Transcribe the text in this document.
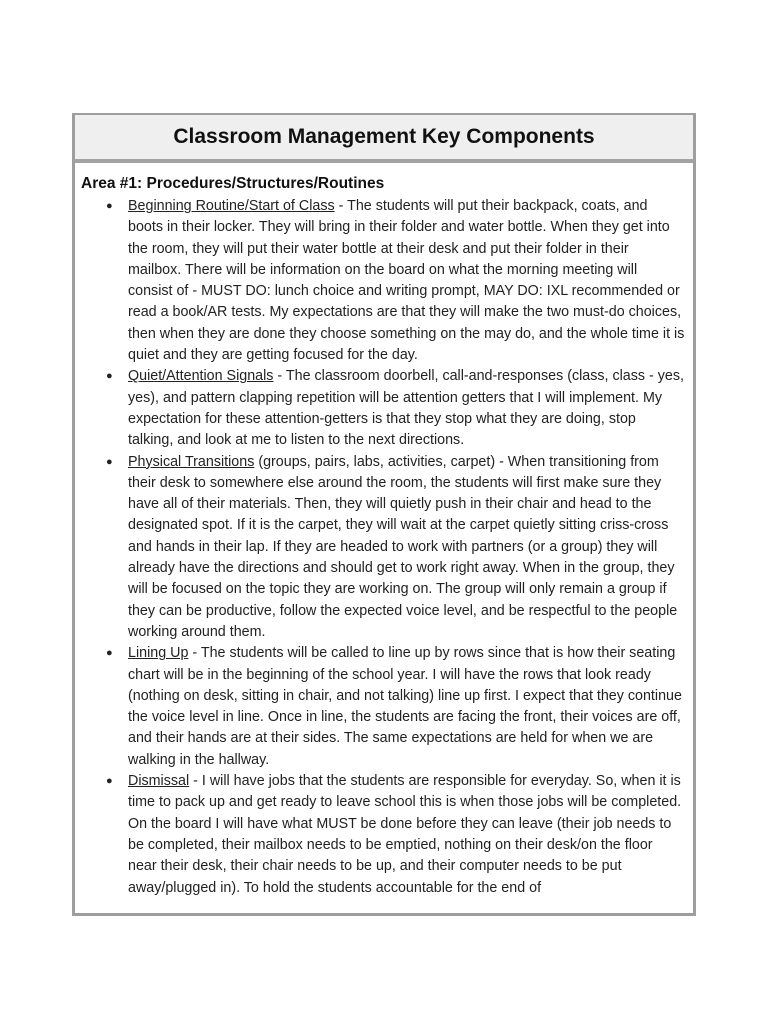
Classroom Management Key Components
Area #1: Procedures/Structures/Routines
● Beginning Routine/Start of Class - The students will put their backpack, coats, and boots in their locker. They will bring in their folder and water bottle. When they get into the room, they will put their water bottle at their desk and put their folder in their mailbox. There will be information on the board on what the morning meeting will consist of - MUST DO: lunch choice and writing prompt, MAY DO: IXL recommended or read a book/AR tests. My expectations are that they will make the two must-do choices, then when they are done they choose something on the may do, and the whole time it is quiet and they are getting focused for the day.
● Quiet/Attention Signals - The classroom doorbell, call-and-responses (class, class - yes, yes), and pattern clapping repetition will be attention getters that I will implement. My expectation for these attention-getters is that they stop what they are doing, stop talking, and look at me to listen to the next directions.
● Physical Transitions (groups, pairs, labs, activities, carpet) - When transitioning from their desk to somewhere else around the room, the students will first make sure they have all of their materials. Then, they will quietly push in their chair and head to the designated spot. If it is the carpet, they will wait at the carpet quietly sitting criss-cross and hands in their lap. If they are headed to work with partners (or a group) they will already have the directions and should get to work right away. When in the group, they will be focused on the topic they are working on. The group will only remain a group if they can be productive, follow the expected voice level, and be respectful to the people working around them.
● Lining Up - The students will be called to line up by rows since that is how their seating chart will be in the beginning of the school year. I will have the rows that look ready (nothing on desk, sitting in chair, and not talking) line up first. I expect that they continue the voice level in line. Once in line, the students are facing the front, their voices are off, and their hands are at their sides. The same expectations are held for when we are walking in the hallway.
● Dismissal - I will have jobs that the students are responsible for everyday. So, when it is time to pack up and get ready to leave school this is when those jobs will be completed. On the board I will have what MUST be done before they can leave (their job needs to be completed, their mailbox needs to be emptied, nothing on their desk/on the floor near their desk, their chair needs to be up, and their computer needs to be put away/plugged in). To hold the students accountable for the end of
